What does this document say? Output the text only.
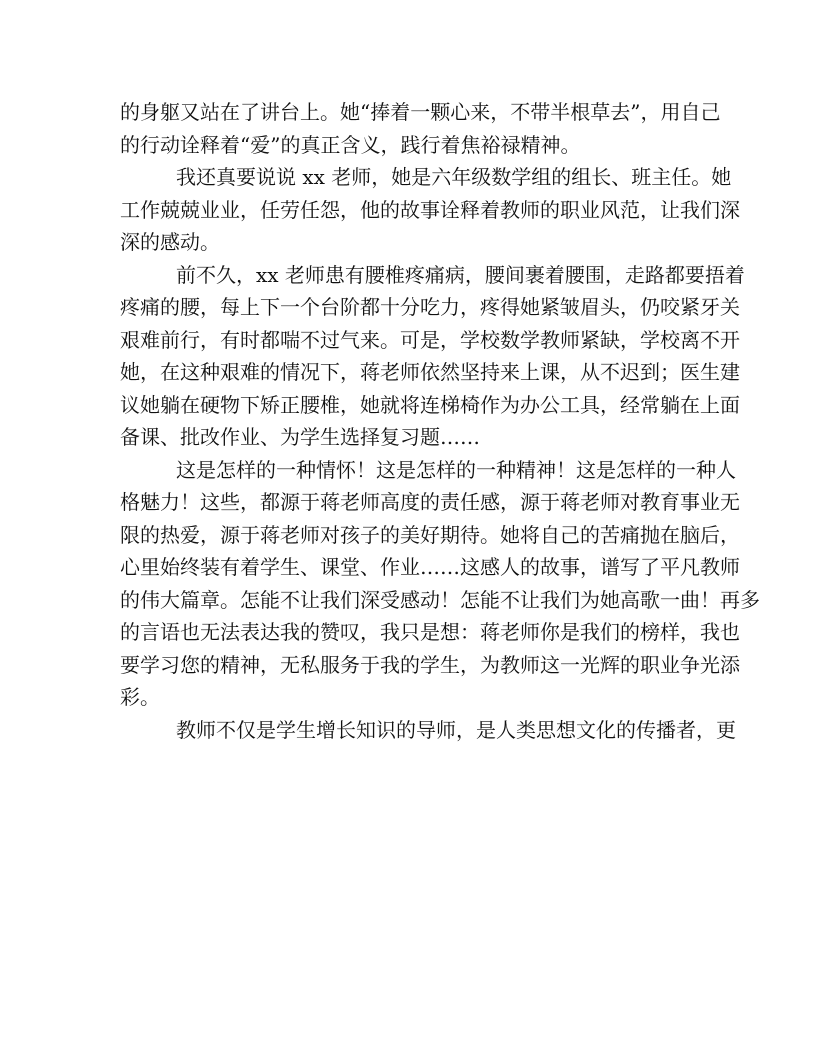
的身躯又站在了讲台上。她“捧着一颗心来，不带半根草去”，用自己
的行动诠释着“爱”的真正含义，践行着焦裕禄精神。
我还真要说说 xx 老师，她是六年级数学组的组长、班主任。她
工作兢兢业业，任劳任怨，他的故事诠释着教师的职业风范，让我们深
深的感动。
前不久，xx 老师患有腰椎疼痛病，腰间裹着腰围，走路都要捂着
疼痛的腰，每上下一个台阶都十分吃力，疼得她紧皱眉头，仍咬紧牙关
艰难前行，有时都喘不过气来。可是，学校数学教师紧缺，学校离不开
她，在这种艰难的情况下，蒋老师依然坚持来上课，从不迟到；医生建
议她躺在硬物下矫正腰椎，她就将连梯椅作为办公工具，经常躺在上面
备课、批改作业、为学生选择复习题……
这是怎样的一种情怀！这是怎样的一种精神！这是怎样的一种人
格魅力！这些，都源于蒋老师高度的责任感，源于蒋老师对教育事业无
限的热爱，源于蒋老师对孩子的美好期待。她将自己的苦痛抛在脑后，
心里始终装有着学生、课堂、作业……这感人的故事，谱写了平凡教师
的伟大篇章。怎能不让我们深受感动！怎能不让我们为她高歌一曲！再多
的言语也无法表达我的赞叹，我只是想：蒋老师你是我们的榜样，我也
要学习您的精神，无私服务于我的学生，为教师这一光辉的职业争光添
彩。
教师不仅是学生增长知识的导师，是人类思想文化的传播者，更
